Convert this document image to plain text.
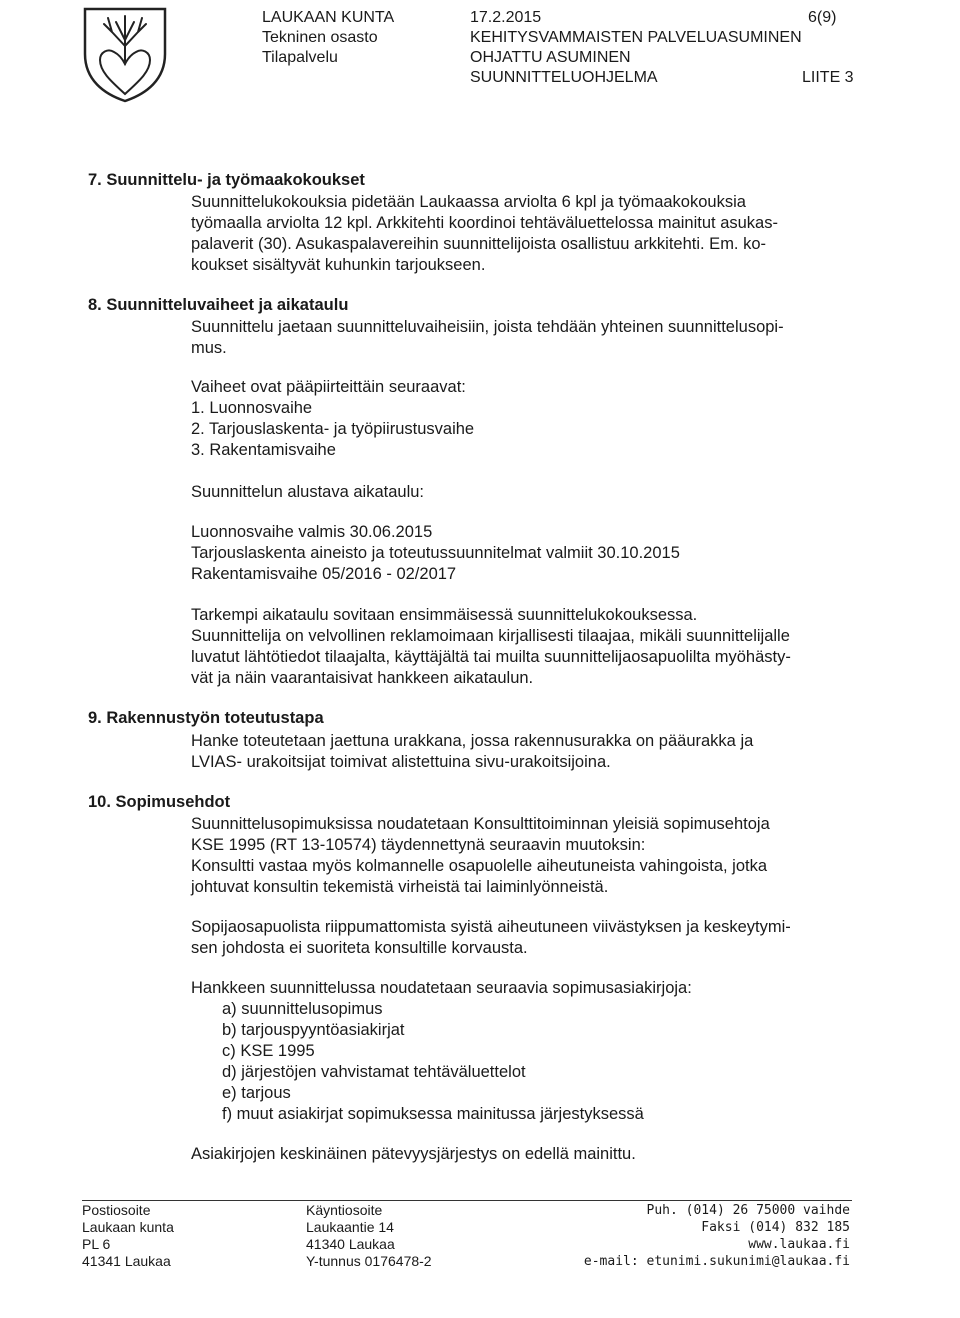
LAUKAAN KUNTA
Tekninen osasto
Tilapalvelu
17.2.2015
KEHITYSVAMMAISTEN PALVELUASUMINEN
OHJATTU ASUMINEN
SUUNNITTELUOHJELMA
6(9)
LIITE 3
7. Suunnittelu- ja työmaakokoukset
Suunnittelukokouksia pidetään Laukaassa arviolta 6 kpl ja työmaakokouksia
työmaalla arviolta 12 kpl. Arkkitehti koordinoi tehtäväluettelossa mainitut asukas-
palaverit (30). Asukaspalavereihin suunnittelijoista osallistuu arkkitehti. Em. ko-
koukset sisältyvät kuhunkin tarjoukseen.
8. Suunnitteluvaiheet ja aikataulu
Suunnittelu jaetaan suunnitteluvaiheisiin, joista tehdään yhteinen suunnittelusopi-
mus.
Vaiheet ovat pääpiirteittäin seuraavat:
1. Luonnosvaihe
2. Tarjouslaskenta- ja työpiirustusvaihe
3. Rakentamisvaihe
Suunnittelun alustava aikataulu:
Luonnosvaihe valmis 30.06.2015
Tarjouslaskenta aineisto ja toteutussuunnitelmat valmiit 30.10.2015
Rakentamisvaihe 05/2016 - 02/2017
Tarkempi aikataulu sovitaan ensimmäisessä suunnittelukokouksessa.
Suunnittelija on velvollinen reklamoimaan kirjallisesti tilaajaa, mikäli suunnittelijalle
luvatut lähtötiedot tilaajalta, käyttäjältä tai muilta suunnittelijaosapuolilta myöhästy-
vät ja näin vaarantaisivat hankkeen aikataulun.
9. Rakennustyön toteutustapa
Hanke toteutetaan jaettuna urakkana, jossa rakennusurakka on pääurakka ja
LVIAS- urakoitsijat toimivat alistettuina sivu-urakoitsijoina.
10. Sopimusehdot
Suunnittelusopimuksissa noudatetaan Konsulttitoiminnan yleisiä sopimusehtoja
KSE 1995 (RT 13-10574) täydennettynä seuraavin muutoksin:
Konsultti vastaa myös kolmannelle osapuolelle aiheutuneista vahingoista, jotka
johtuvat konsultin tekemistä virheistä tai laiminlyönneistä.
Sopijaosapuolista riippumattomista syistä aiheutuneen viivästyksen ja keskeytymi-
sen johdosta ei suoriteta konsultille korvausta.
Hankkeen suunnittelussa noudatetaan seuraavia sopimusasiakirjoja:
a) suunnittelusopimus
b) tarjouspyyntöasiakirjat
c) KSE 1995
d) järjestöjen vahvistamat tehtäväluettelot
e) tarjous
f) muut asiakirjat sopimuksessa mainitussa järjestyksessä
Asiakirjojen keskinäinen pätevyysjärjestys on edellä mainittu.
Postiosoite
Laukaan kunta
PL 6
41341 Laukaa
Käyntiosoite
Laukaantie 14
41340 Laukaa
Y-tunnus 0176478-2
Puh. (014) 26 75000 vaihde
Faksi (014) 832 185
www.laukaa.fi
e-mail: etunimi.sukunimi@laukaa.fi
